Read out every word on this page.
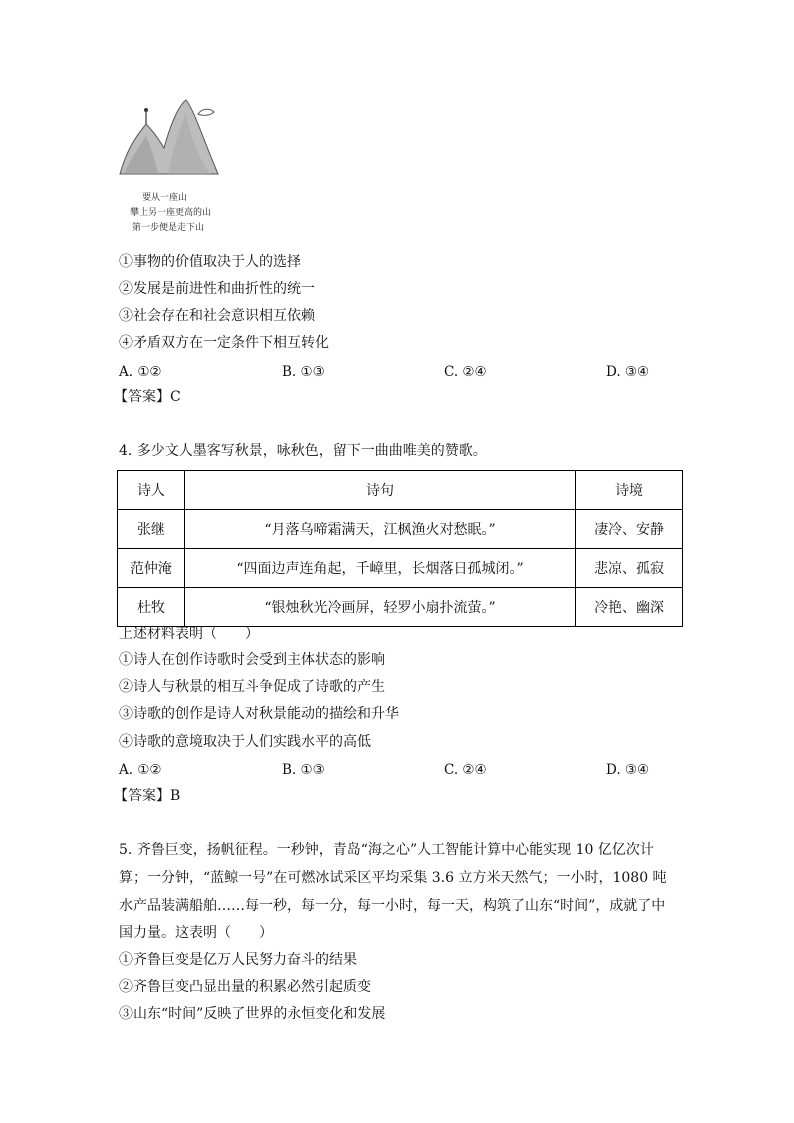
要从一座山
攀上另一座更高的山
第一步便是走下山
①事物的价值取决于人的选择
②发展是前进性和曲折性的统一
③社会存在和社会意识相互依赖
④矛盾双方在一定条件下相互转化
A. ①②	B. ①③	C. ②④	D. ③④
【答案】C
4. 多少文人墨客写秋景，咏秋色，留下一曲曲唯美的赞歌。
诗人	诗句	诗境
张继	“月落乌啼霜满天，江枫渔火对愁眠。”	凄冷、安静
范仲淹	“四面边声连角起，千嶂里，长烟落日孤城闭。”	悲凉、孤寂
杜牧	“银烛秋光冷画屏，轻罗小扇扑流萤。”	冷艳、幽深
上述材料表明（　　）
①诗人在创作诗歌时会受到主体状态的影响
②诗人与秋景的相互斗争促成了诗歌的产生
③诗歌的创作是诗人对秋景能动的描绘和升华
④诗歌的意境取决于人们实践水平的高低
A. ①②	B. ①③	C. ②④	D. ③④
【答案】B
5. 齐鲁巨变，扬帆征程。一秒钟，青岛“海之心”人工智能计算中心能实现 10 亿亿次计
算；一分钟，“蓝鲸一号”在可燃冰试采区平均采集 3.6 立方米天然气；一小时，1080 吨
水产品装满船舶……每一秒，每一分，每一小时，每一天，构筑了山东“时间”，成就了中
国力量。这表明（　　）
①齐鲁巨变是亿万人民努力奋斗的结果
②齐鲁巨变凸显出量的积累必然引起质变
③山东“时间”反映了世界的永恒变化和发展
